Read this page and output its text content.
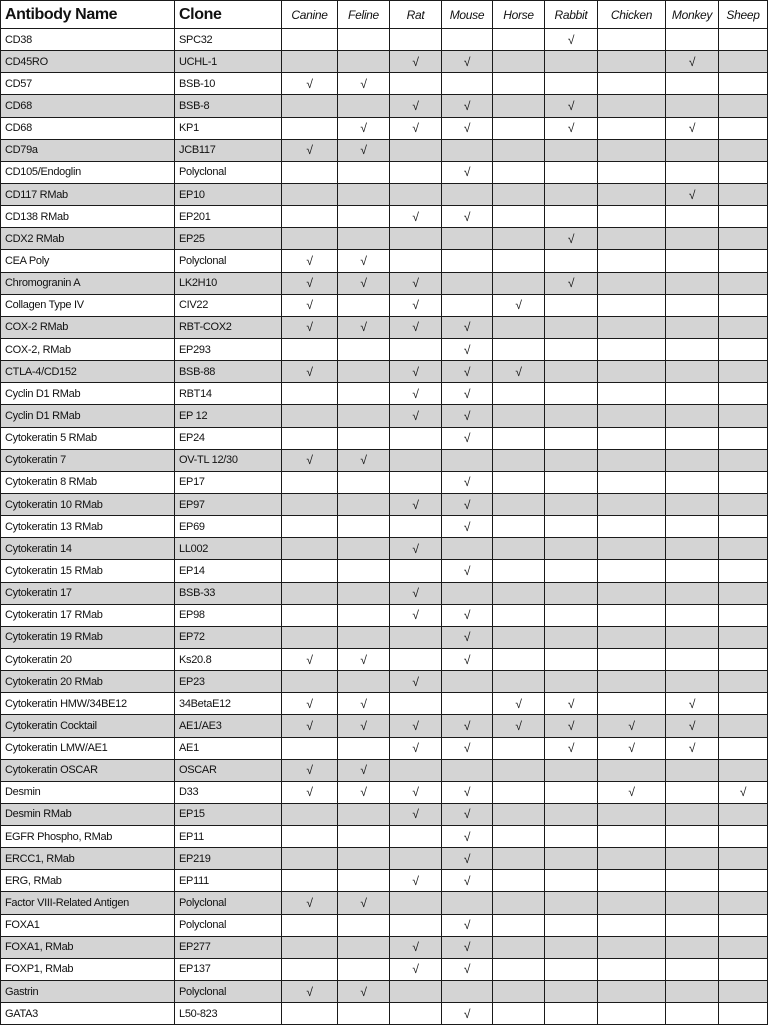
Antibody Name	Clone	Canine	Feline	Rat	Mouse	Horse	Rabbit	Chicken	Monkey	Sheep
CD38	SPC32						√			
CD45RO	UCHL-1			√	√				√	
CD57	BSB-10	√	√							
CD68	BSB-8			√	√		√			
CD68	KP1		√	√	√		√		√	
CD79a	JCB117	√	√							
CD105/Endoglin	Polyclonal				√					
CD117 RMab	EP10								√	
CD138 RMab	EP201			√	√					
CDX2 RMab	EP25						√			
CEA Poly	Polyclonal	√	√							
Chromogranin A	LK2H10	√	√	√			√			
Collagen Type IV	CIV22	√		√		√				
COX-2 RMab	RBT-COX2	√	√	√	√					
COX-2, RMab	EP293				√					
CTLA-4/CD152	BSB-88	√		√	√	√				
Cyclin D1 RMab	RBT14			√	√					
Cyclin D1 RMab	EP 12			√	√					
Cytokeratin 5 RMab	EP24				√					
Cytokeratin 7	OV-TL 12/30	√	√							
Cytokeratin 8 RMab	EP17				√					
Cytokeratin 10 RMab	EP97			√	√					
Cytokeratin 13 RMab	EP69				√					
Cytokeratin 14	LL002			√						
Cytokeratin 15 RMab	EP14				√					
Cytokeratin 17	BSB-33			√						
Cytokeratin 17 RMab	EP98			√	√					
Cytokeratin 19 RMab	EP72				√					
Cytokeratin 20	Ks20.8	√	√		√					
Cytokeratin 20 RMab	EP23			√						
Cytokeratin HMW/34BE12	34BetaE12	√	√			√	√		√	
Cytokeratin Cocktail	AE1/AE3	√	√	√	√	√	√	√	√	
Cytokeratin LMW/AE1	AE1			√	√		√	√	√	
Cytokeratin OSCAR	OSCAR	√	√							
Desmin	D33	√	√	√	√			√		√
Desmin RMab	EP15			√	√					
EGFR Phospho, RMab	EP11				√					
ERCC1, RMab	EP219				√					
ERG, RMab	EP111			√	√					
Factor VIII-Related Antigen	Polyclonal	√	√							
FOXA1	Polyclonal				√					
FOXA1, RMab	EP277			√	√					
FOXP1, RMab	EP137			√	√					
Gastrin	Polyclonal	√	√							
GATA3	L50-823				√					
